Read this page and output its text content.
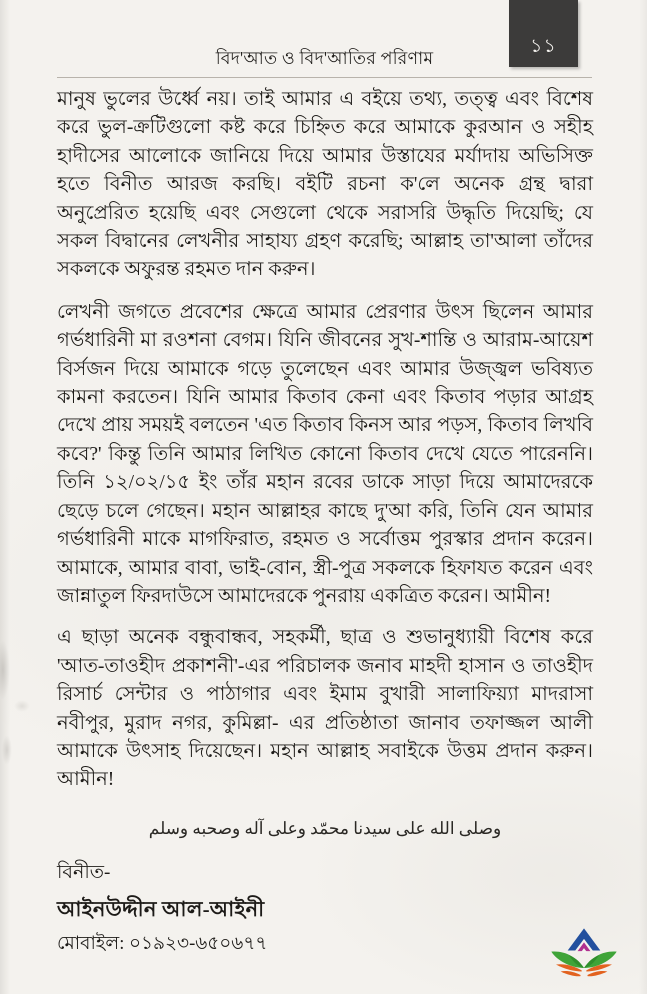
১১
বিদ'আত ও বিদ'আতির পরিণাম

মানুষ ভুলের উর্ধ্বে নয়। তাই আমার এ বইয়ে তথ্য, তত্ত্ব এবং বিশেষ করে ভুল-ক্রটিগুলো কষ্ট করে চিহ্নিত করে আমাকে কুরআন ও সহীহ হাদীসের আলোকে জানিয়ে দিয়ে আমার উস্তাযের মর্যাদায় অভিসিক্ত হতে বিনীত আরজ করছি। বইটি রচনা ক'লে অনেক গ্রন্থ দ্বারা অনুপ্রেরিত হয়েছি এবং সেগুলো থেকে সরাসরি উদ্ধৃতি দিয়েছি; যে সকল বিদ্বানের লেখনীর সাহায্য গ্রহণ করেছি; আল্লাহ তা'আলা তাঁদের সকলকে অফুরন্ত রহমত দান করুন।

লেখনী জগতে প্রবেশের ক্ষেত্রে আমার প্রেরণার উৎস ছিলেন আমার গর্ভধারিনী মা রওশনা বেগম। যিনি জীবনের সুখ-শান্তি ও আরাম-আয়েশ বির্সজন দিয়ে আমাকে গড়ে তুলেছেন এবং আমার উজ্জ্বল ভবিষ্যত কামনা করতেন। যিনি আমার কিতাব কেনা এবং কিতাব পড়ার আগ্রহ দেখে প্রায় সময়ই বলতেন 'এত কিতাব কিনস আর পড়স, কিতাব লিখবি কবে?' কিন্তু তিনি আমার লিখিত কোনো কিতাব দেখে যেতে পারেননি। তিনি ১২/০২/১৫ ইং তাঁর মহান রবের ডাকে সাড়া দিয়ে আমাদেরকে ছেড়ে চলে গেছেন। মহান আল্লাহর কাছে দু'আ করি, তিনি যেন আমার গর্ভধারিনী মাকে মাগফিরাত, রহমত ও সর্বোত্তম পুরস্কার প্রদান করেন। আমাকে, আমার বাবা, ভাই-বোন, স্ত্রী-পুত্র সকলকে হিফাযত করেন এবং জান্নাতুল ফিরদাউসে আমাদেরকে পুনরায় একত্রিত করেন। আমীন!

এ ছাড়া অনেক বন্ধুবান্ধব, সহকর্মী, ছাত্র ও শুভানুধ্যায়ী বিশেষ করে 'আত-তাওহীদ প্রকাশনী'-এর পরিচালক জনাব মাহদী হাসান ও তাওহীদ রিসার্চ সেন্টার ও পাঠাগার এবং ইমাম বুখারী সালাফিয়্যা মাদরাসা নবীপুর, মুরাদ নগর, কুমিল্লা- এর প্রতিষ্ঠাতা জানাব তফাজ্জল আলী আমাকে উৎসাহ দিয়েছেন। মহান আল্লাহ সবাইকে উত্তম প্রদান করুন। আমীন!

وصلى الله على سيدنا محمّد وعلى آله وصحبه وسلم
বিনীত-
আইনউদ্দীন আল-আইনী
মোবাইল: ০১৯২৩-৬৫০৬৭৭
